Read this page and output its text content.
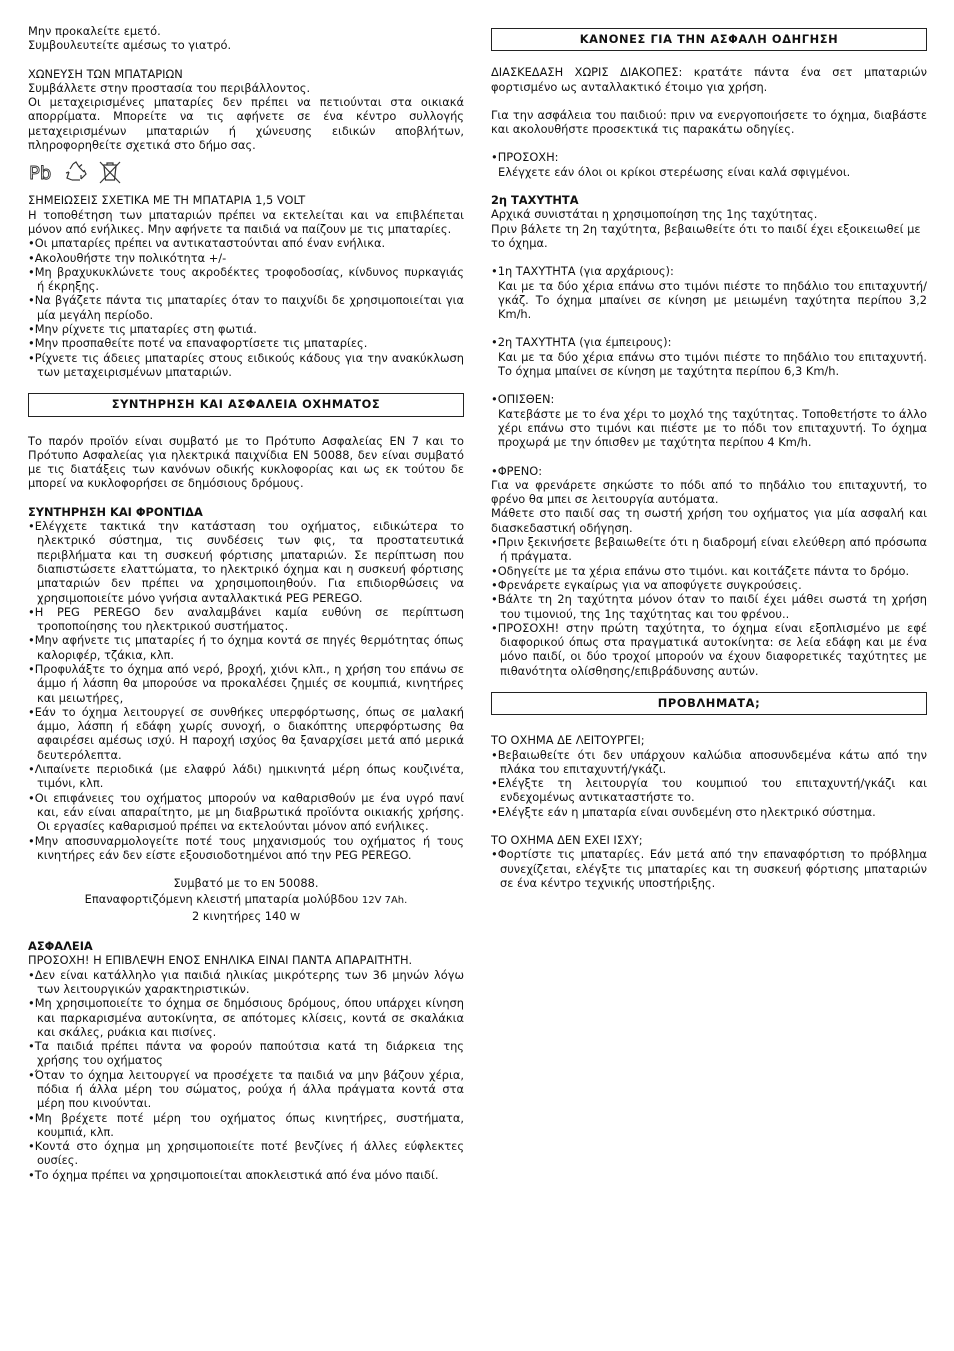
Μην προκαλείτε εμετό.

Συμβουλευτείτε αμέσως το γιατρό.

ΧΩΝΕΥΣΗ ΤΩΝ ΜΠΑΤΑΡΙΩΝ

Συμβάλλετε στην προστασία του περιβάλλοντος.

Οι μεταχειρισμένες μπαταρίες δεν πρέπει να πετιούνται στα οικιακά απορρίματα. Μπορείτε να τις αφήνετε σε ένα κέντρο συλλογής μεταχειρισμένων μπαταριών ή χώνευσης ειδικών αποβλήτων, πληροφορηθείτε σχετικά στο δήμο σας.

Pb

ΣΗΜΕΙΩΣΕΙΣ ΣΧΕΤΙΚΑ ΜΕ ΤΗ ΜΠΑΤΑΡΙΑ 1,5 VOLT

Η τοποθέτηση των μπαταριών πρέπει να εκτελείται και να επιβλέπεται μόνον από ενήλικες. Μην αφήνετε τα παιδιά να παίζουν με τις μπαταρίες.

•Οι μπαταρίες πρέπει να αντικαταστούνται από έναν ενήλικα.

•Ακολουθήστε την πολικότητα +/-

•Μη βραχυκυκλώνετε τους ακροδέκτες τροφοδοσίας, κίνδυνος πυρκαγιάς ή έκρηξης.

•Να βγάζετε πάντα τις μπαταρίες όταν το παιχνίδι δε χρησιμοποιείται για μία μεγάλη περίοδο.

•Μην ρίχνετε τις μπαταρίες στη φωτιά.

•Μην προσπαθείτε ποτέ να επαναφορτίσετε τις μπαταρίες.

•Ρίχνετε τις άδειες μπαταρίες στους ειδικούς κάδους για την ανακύκλωση των μεταχειρισμένων μπαταριών.

ΣΥΝΤΗΡΗΣΗ ΚΑΙ ΑΣΦΑΛΕΙΑ ΟΧΗΜΑΤΟΣ

Το παρόν προϊόν είναι συμβατό με το Πρότυπο Ασφαλείας EN 7 και το Πρότυπο Ασφαλείας για ηλεκτρικά παιχνίδια EN 50088, δεν είναι συμβατό με τις διατάξεις των κανόνων οδικής κυκλοφορίας και ως εκ τούτου δε μπορεί να κυκλοφορήσει σε δημόσιους δρόμους.

ΣΥΝΤΗΡΗΣΗ ΚΑΙ ΦΡΟΝΤΙΔΑ

•Ελέγχετε τακτικά την κατάσταση του οχήματος, ειδικώτερα το ηλεκτρικό σύστημα, τις συνδέσεις των φις, τα προστατευτικά περιβλήματα και τη συσκευή φόρτισης μπαταριών. Σε περίπτωση που διαπιστώσετε ελαττώματα, το ηλεκτρικό όχημα και η συσκευή φόρτισης μπαταριών δεν πρέπει να χρησιμοποιηθούν. Για επιδιορθώσεις να χρησιμοποιείτε μόνο γνήσια ανταλλακτικά PEG PEREGO.

•Η PEG PEREGO δεν αναλαμβάνει καμία ευθύνη σε περίπτωση τροποποίησης του ηλεκτρικού συστήματος.

•Μην αφήνετε τις μπαταρίες ή το όχημα κοντά σε πηγές θερμότητας όπως καλοριφέρ, τζάκια, κλπ.

•Προφυλάξτε το όχημα από νερό, βροχή, χιόνι κλπ., η χρήση του επάνω σε άμμο ή λάσπη θα μπορούσε να προκαλέσει ζημιές σε κουμπιά, κινητήρες και μειωτήρες,

•Εάν το όχημα λειτουργεί σε συνθήκες υπερφόρτωσης, όπως σε μαλακή άμμο, λάσπη ή εδάφη χωρίς συνοχή, ο διακόπτης υπερφόρτωσης θα αφαιρέσει αμέσως ισχύ. Η παροχή ισχύος θα ξαναρχίσει μετά από μερικά δευτερόλεπτα.

•Λιπαίνετε περιοδικά (με ελαφρύ λάδι) ημικινητά μέρη όπως κουζινέτα, τιμόνι, κλπ.

•Οι επιφάνειες του οχήματος μπορούν να καθαρισθούν με ένα υγρό πανί και, εάν είναι απαραίτητο, με μη διαβρωτικά προϊόντα οικιακής χρήσης. Οι εργασίες καθαρισμού πρέπει να εκτελούνται μόνον από ενήλικες.

•Μην αποσυναρμολογείτε ποτέ τους μηχανισμούς του οχήματος ή τους κινητήρες εάν δεν είστε εξουσιοδοτημένοι από την PEG PEREGO.

Συμβατό με το EN 50088.

Επαναφορτιζόμενη κλειστή μπαταρία μολύβδου 12V 7Ah.

2 κινητήρες 140 W

ΑΣΦΑΛΕΙΑ

ΠΡΟΣΟΧΗ! Η ΕΠΙΒΛΕΨΗ ΕΝΟΣ ΕΝΗΛΙΚΑ ΕΙΝΑΙ ΠΑΝΤΑ ΑΠΑΡΑΙΤΗΤΗ.

•Δεν είναι κατάλληλο για παιδιά ηλικίας μικρότερης των 36 μηνών λόγω των λειτουργικών χαρακτηριστικών.

•Μη χρησιμοποιείτε το όχημα σε δημόσιους δρόμους, όπου υπάρχει κίνηση και παρκαρισμένα αυτοκίνητα, σε απότομες κλίσεις, κοντά σε σκαλάκια και σκάλες, ρυάκια και πισίνες.

•Τα παιδιά πρέπει πάντα να φορούν παπούτσια κατά τη διάρκεια της χρήσης του οχήματος

•Όταν το όχημα λειτουργεί να προσέχετε τα παιδιά να μην βάζουν χέρια, πόδια ή άλλα μέρη του σώματος, ρούχα ή άλλα πράγματα κοντά στα μέρη που κινούνται.

•Μη βρέχετε ποτέ μέρη του οχήματος όπως κινητήρες, συστήματα, κουμπιά, κλπ.

•Κοντά στο όχημα μη χρησιμοποιείτε ποτέ βενζίνες ή άλλες εύφλεκτες ουσίες.

•Το όχημα πρέπει να χρησιμοποιείται αποκλειστικά από ένα μόνο παιδί.

ΚΑΝΟΝΕΣ ΓΙΑ ΤΗΝ ΑΣΦΑΛΗ ΟΔΗΓΗΣΗ

ΔΙΑΣΚΕΔΑΣΗ ΧΩΡΙΣ ΔΙΑΚΟΠΕΣ: κρατάτε πάντα ένα σετ μπαταριών φορτισμένο ως ανταλλακτικό έτοιμο για χρήση.

Για την ασφάλεια του παιδιού: πριν να ενεργοποιήσετε το όχημα, διαβάστε και ακολουθήστε προσεκτικά τις παρακάτω οδηγίες.

•ΠΡΟΣΟΧΗ:

Ελέγχετε εάν όλοι οι κρίκοι στερέωσης είναι καλά σφιγμένοι.

2η ΤΑΧΥΤΗΤΑ

Αρχικά συνιστάται η χρησιμοποίηση της 1ης ταχύτητας.

Πριν βάλετε τη 2η ταχύτητα, βεβαιωθείτε ότι το παιδί έχει εξοικειωθεί με το όχημα.

•1η ΤΑΧΥΤΗΤΑ (για αρχάριους):

Και με τα δύο χέρια επάνω στο τιμόνι πιέστε το πηδάλιο του επιταχυντή/γκάζ. Το όχημα μπαίνει σε κίνηση με μειωμένη ταχύτητα περίπου 3,2 Km/h.

•2η ΤΑΧΥΤΗΤΑ (για έμπειρους):

Και με τα δύο χέρια επάνω στο τιμόνι πιέστε το πηδάλιο του επιταχυντή. Το όχημα μπαίνει σε κίνηση με ταχύτητα περίπου 6,3 Km/h.

•ΟΠΙΣΘΕΝ:

Κατεβάστε με το ένα χέρι το μοχλό της ταχύτητας. Τοποθετήστε το άλλο χέρι επάνω στο τιμόνι και πιέστε με το πόδι τον επιταχυντή. Το όχημα προχωρά με την όπισθεν με ταχύτητα περίπου 4 Km/h.

•ΦΡΕΝΟ:

Για να φρενάρετε σηκώστε το πόδι από το πηδάλιο του επιταχυντή, το φρένο θα μπει σε λειτουργία αυτόματα.

Μάθετε στο παιδί σας τη σωστή χρήση του οχήματος για μία ασφαλή και διασκεδαστική οδήγηση.

•Πριν ξεκινήσετε βεβαιωθείτε ότι η διαδρομή είναι ελεύθερη από πρόσωπα ή πράγματα.

•Οδηγείτε με τα χέρια επάνω στο τιμόνι. και κοιτάζετε πάντα το δρόμο.

•Φρενάρετε εγκαίρως για να αποφύγετε συγκρούσεις.

•Βάλτε τη 2η ταχύτητα μόνον όταν το παιδί έχει μάθει σωστά τη χρήση του τιμονιού, της 1ης ταχύτητας και του φρένου..

•ΠΡΟΣΟΧΗ! στην πρώτη ταχύτητα, το όχημα είναι εξοπλισμένο με εφέ διαφορικού όπως στα πραγματικά αυτοκίνητα: σε λεία εδάφη και με ένα μόνο παιδί, οι δύο τροχοί μπορούν να έχουν διαφορετικές ταχύτητες με πιθανότητα ολίσθησης/επιβράδυνσης αυτών.

ΠΡΟΒΛΗΜΑΤΑ;

ΤΟ ΟΧΗΜΑ ΔΕ ΛΕΙΤΟΥΡΓΕΙ;

•Βεβαιωθείτε ότι δεν υπάρχουν καλώδια αποσυνδεμένα κάτω από την πλάκα του επιταχυντή/γκάζι.

•Ελέγξτε τη λειτουργία του κουμπιού του επιταχυντή/γκάζι και ενδεχομένως αντικαταστήστε το.

•Ελέγξτε εάν η μπαταρία είναι συνδεμένη στο ηλεκτρικό σύστημα.

ΤΟ ΟΧΗΜΑ ΔΕΝ ΕΧΕΙ ΙΣΧΥ;

•Φορτίστε τις μπαταρίες. Εάν μετά από την επαναφόρτιση το πρόβλημα συνεχίζεται, ελέγξτε τις μπαταρίες και τη συσκευή φόρτισης μπαταριών σε ένα κέντρο τεχνικής υποστήριξης.
